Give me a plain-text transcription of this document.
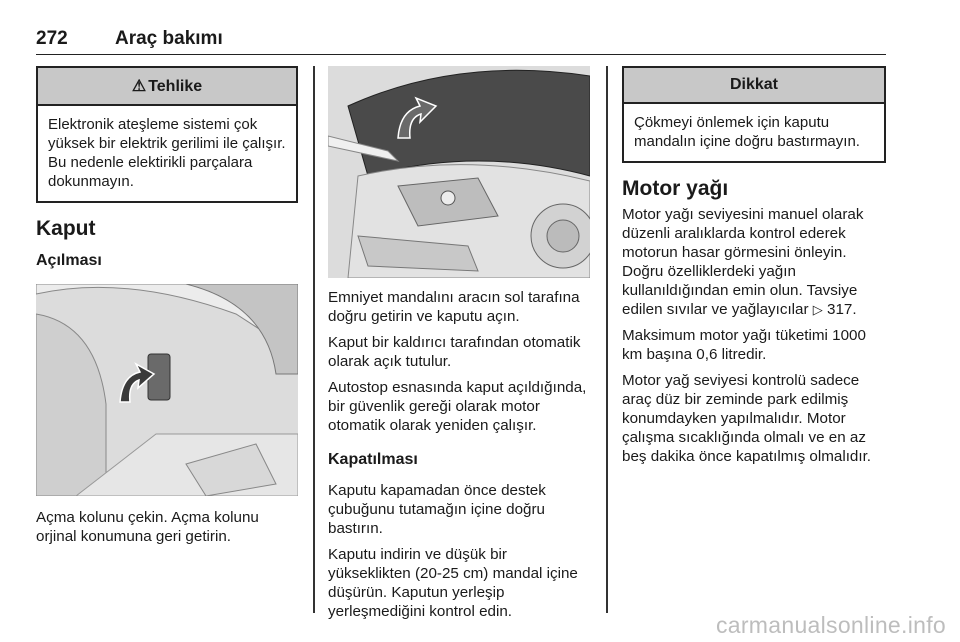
272 Araç bakımı
⚠ Tehlike
Elektronik ateşleme sistemi çok yüksek bir elektrik gerilimi ile çalışır. Bu nedenle elektirikli parçalara dokunmayın.
Kaput
Açılması

Açma kolunu çekin. Açma kolunu orjinal konumuna geri getirin.

Emniyet mandalını aracın sol tarafına doğru getirin ve kaputu açın.

Kaput bir kaldırıcı tarafından otomatik olarak açık tutulur.

Autostop esnasında kaput açıldığında, bir güvenlik gereği olarak motor otomatik olarak yeniden çalışır.

Kapatılması

Kaputu kapamadan önce destek çubuğunu tutamağın içine doğru bastırın.

Kaputu indirin ve düşük bir yükseklikten (20-25 cm) mandal içine düşürün. Kaputun yerleşip yerleşmediğini kontrol edin.

Dikkat
Çökmeyi önlemek için kaputu mandalın içine doğru bastırmayın.
Motor yağı

Motor yağı seviyesini manuel olarak düzenli aralıklarda kontrol ederek motorun hasar görmesini önleyin. Doğru özelliklerdeki yağın kullanıldığından emin olun. Tavsiye edilen sıvılar ve yağlayıcılar ▷ 317.

Maksimum motor yağı tüketimi 1000 km başına 0,6 litredir.

Motor yağ seviyesi kontrolü sadece araç düz bir zeminde park edilmiş konumdayken yapılmalıdır. Motor çalışma sıcaklığında olmalı ve en az beş dakika önce kapatılmış olmalıdır.

carmanualsonline.info
